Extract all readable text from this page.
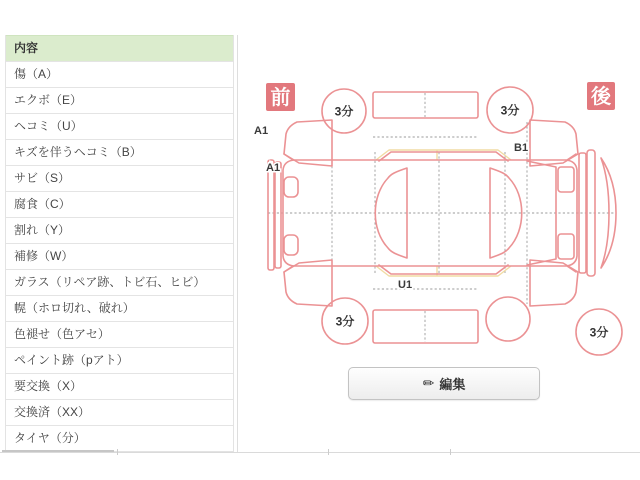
内容
傷（A）
エクボ（E）
ヘコミ（U）
キズを伴うヘコミ（B）
サビ（S）
腐食（C）
割れ（Y）
補修（W）
ガラス（リペア跡、トビ石、ヒビ）
幌（ホロ切れ、破れ）
色褪せ（色アセ）
ペイント跡（pアト）
要交換（X）
交換済（XX）
タイヤ（分）
前	後
A1
A1
B1
U1
3分	3分
3分
3分
✏ 編集
